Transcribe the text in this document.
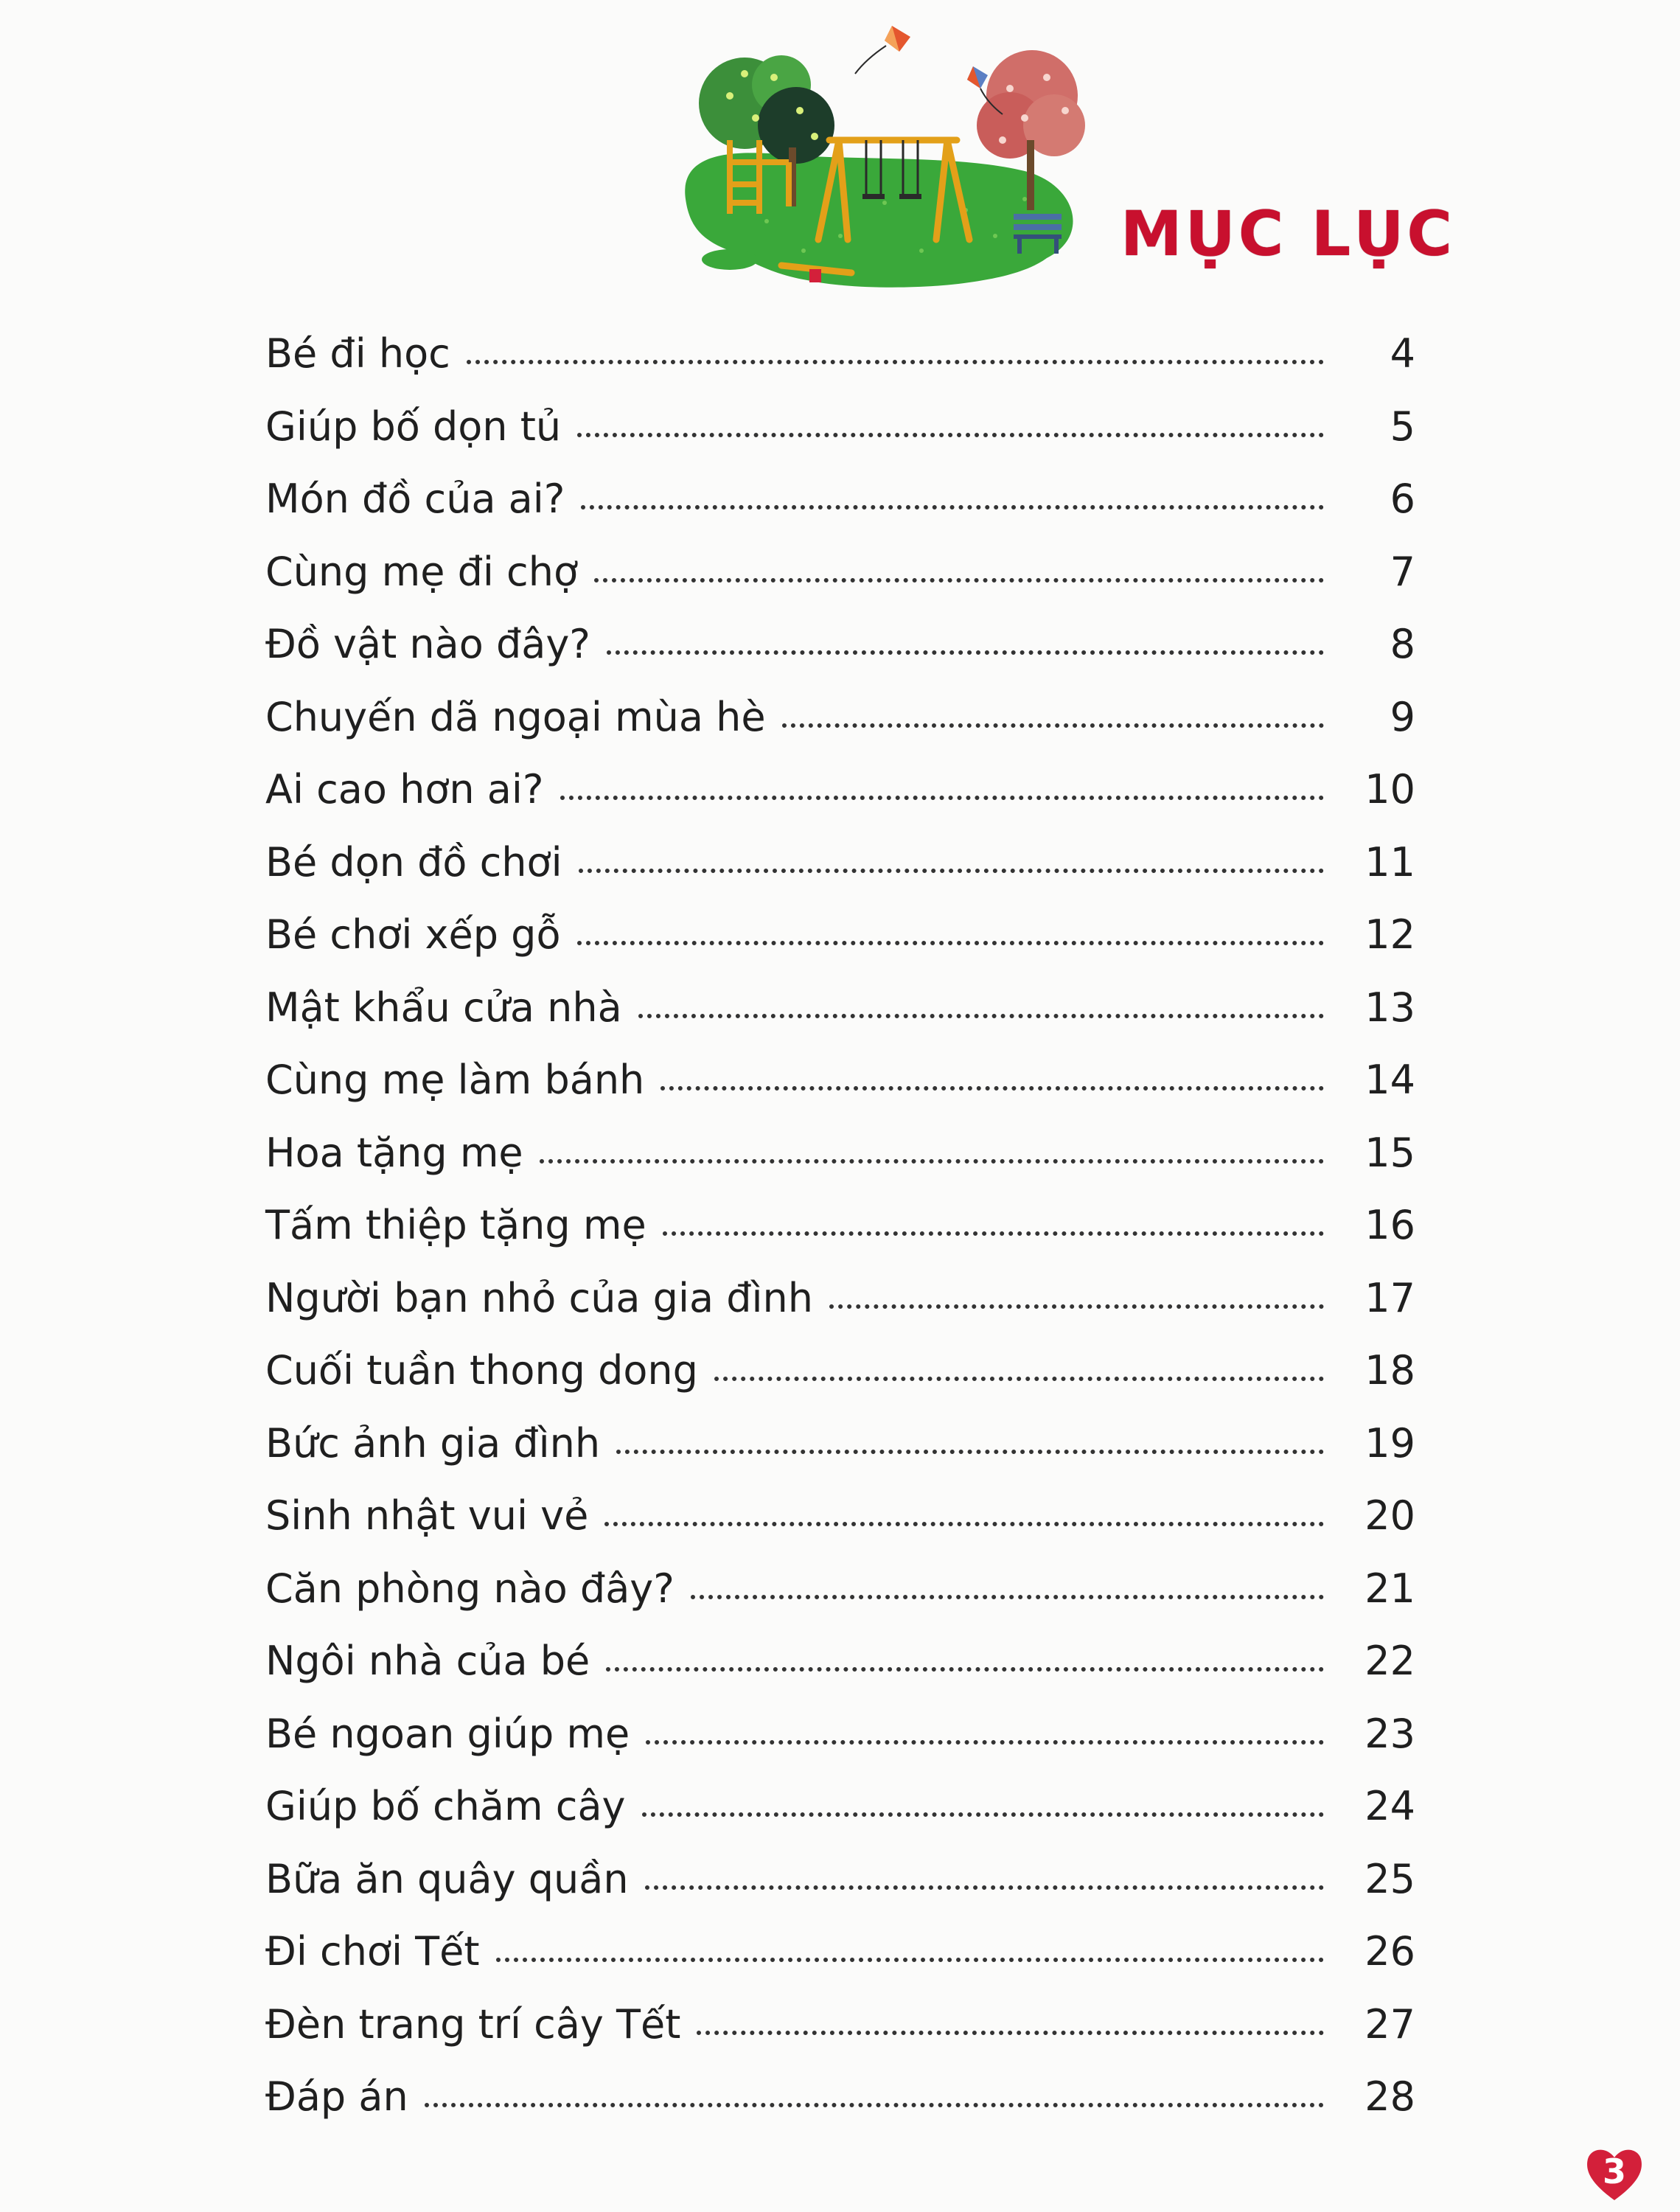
MỤC LỤC
Bé đi học	4
Giúp bố dọn tủ	5
Món đồ của ai?	6
Cùng mẹ đi chợ	7
Đồ vật nào đây?	8
Chuyến dã ngoại mùa hè	9
Ai cao hơn ai?	10
Bé dọn đồ chơi	11
Bé chơi xếp gỗ	12
Mật khẩu cửa nhà	13
Cùng mẹ làm bánh	14
Hoa tặng mẹ	15
Tấm thiệp tặng mẹ	16
Người bạn nhỏ của gia đình	17
Cuối tuần thong dong	18
Bức ảnh gia đình	19
Sinh nhật vui vẻ	20
Căn phòng nào đây?	21
Ngôi nhà của bé	22
Bé ngoan giúp mẹ	23
Giúp bố chăm cây	24
Bữa ăn quây quần	25
Đi chơi Tết	26
Đèn trang trí cây Tết	27
Đáp án	28
3
